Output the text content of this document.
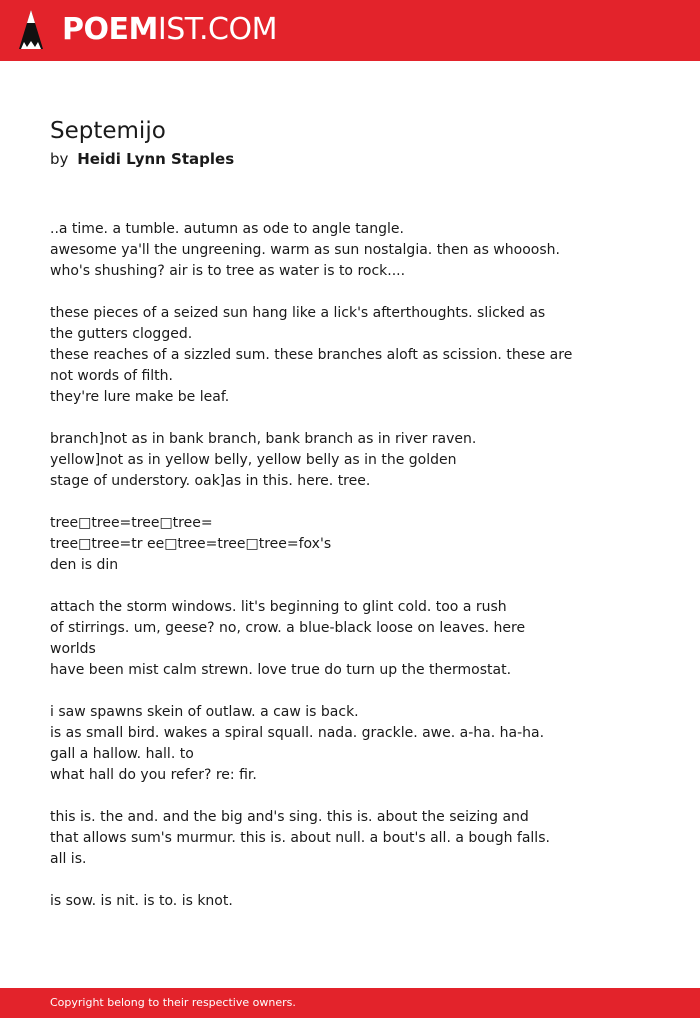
POEMIST.COM
Septemijo
by Heidi Lynn Staples
..a time. a tumble. autumn as ode to angle tangle.
awesome ya'll the ungreening. warm as sun nostalgia. then as whooosh.
who's shushing? air is to tree as water is to rock....
these pieces of a seized sun hang like a lick's afterthoughts. slicked as
the gutters clogged.
these reaches of a sizzled sum. these branches aloft as scission. these are
not words of filth.
they're lure make be leaf.
branch]not as in bank branch, bank branch as in river raven.
yellow]not as in yellow belly, yellow belly as in the golden
stage of understory. oak]as in this. here. tree.
tree□tree=tree□tree=
tree□tree=tr ee□tree=tree□tree=fox's
den is din
attach the storm windows. lit's beginning to glint cold. too a rush
of stirrings. um, geese? no, crow. a blue-black loose on leaves. here
worlds
have been mist calm strewn. love true do turn up the thermostat.
i saw spawns skein of outlaw. a caw is back.
is as small bird. wakes a spiral squall. nada. grackle. awe. a-ha. ha-ha.
gall a hallow. hall. to
what hall do you refer? re: fir.
this is. the and. and the big and's sing. this is. about the seizing and
that allows sum's murmur. this is. about null. a bout's all. a bough falls.
all is.
is sow. is nit. is to. is knot.
Copyright belong to their respective owners.
